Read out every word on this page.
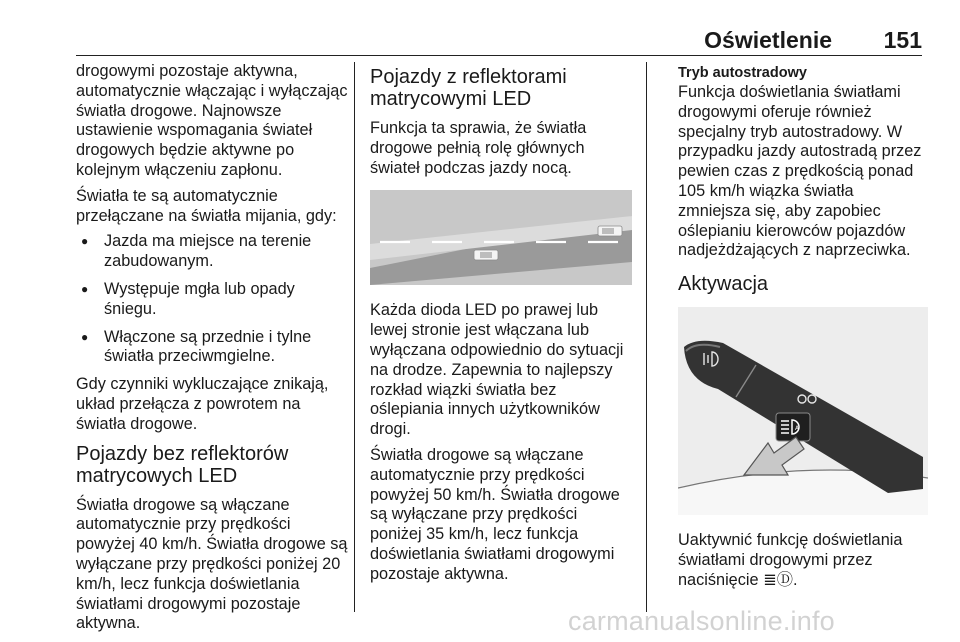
Oświetlenie 151

drogowymi pozostaje aktywna, automatycznie włączając i wyłączając światła drogowe. Najnowsze ustawienie wspomagania świateł drogowych będzie aktywne po kolejnym włączeniu zapłonu.

Światła te są automatycznie przełączane na światła mijania, gdy:

● Jazda ma miejsce na terenie zabudowanym.
● Występuje mgła lub opady śniegu.
● Włączone są przednie i tylne światła przeciwmgielne.

Gdy czynniki wykluczające znikają, układ przełącza z powrotem na światła drogowe.

Pojazdy bez reflektorów matrycowych LED

Światła drogowe są włączane automatycznie przy prędkości powyżej 40 km/h. Światła drogowe są wyłączane przy prędkości poniżej 20 km/h, lecz funkcja doświetlania światłami drogowymi pozostaje aktywna.

Pojazdy z reflektorami matrycowymi LED

Funkcja ta sprawia, że światła drogowe pełnią rolę głównych świateł podczas jazdy nocą.

Każda dioda LED po prawej lub lewej stronie jest włączana lub wyłączana odpowiednio do sytuacji na drodze. Zapewnia to najlepszy rozkład wiązki światła bez oślepiania innych użytkowników drogi.

Światła drogowe są włączane automatycznie przy prędkości powyżej 50 km/h. Światła drogowe są wyłączane przy prędkości poniżej 35 km/h, lecz funkcja doświetlania światłami drogowymi pozostaje aktywna.

Tryb autostradowy

Funkcja doświetlania światłami drogowymi oferuje również specjalny tryb autostradowy. W przypadku jazdy autostradą przez pewien czas z prędkością ponad 105 km/h wiązka światła zmniejsza się, aby zapobiec oślepianiu kierowców pojazdów nadjeżdżających z naprzeciwka.

Aktywacja
A

Uaktywnić funkcję doświetlania światłami drogowymi przez naciśnięcie ≣Ⓓ.

carmanualsonline.info
